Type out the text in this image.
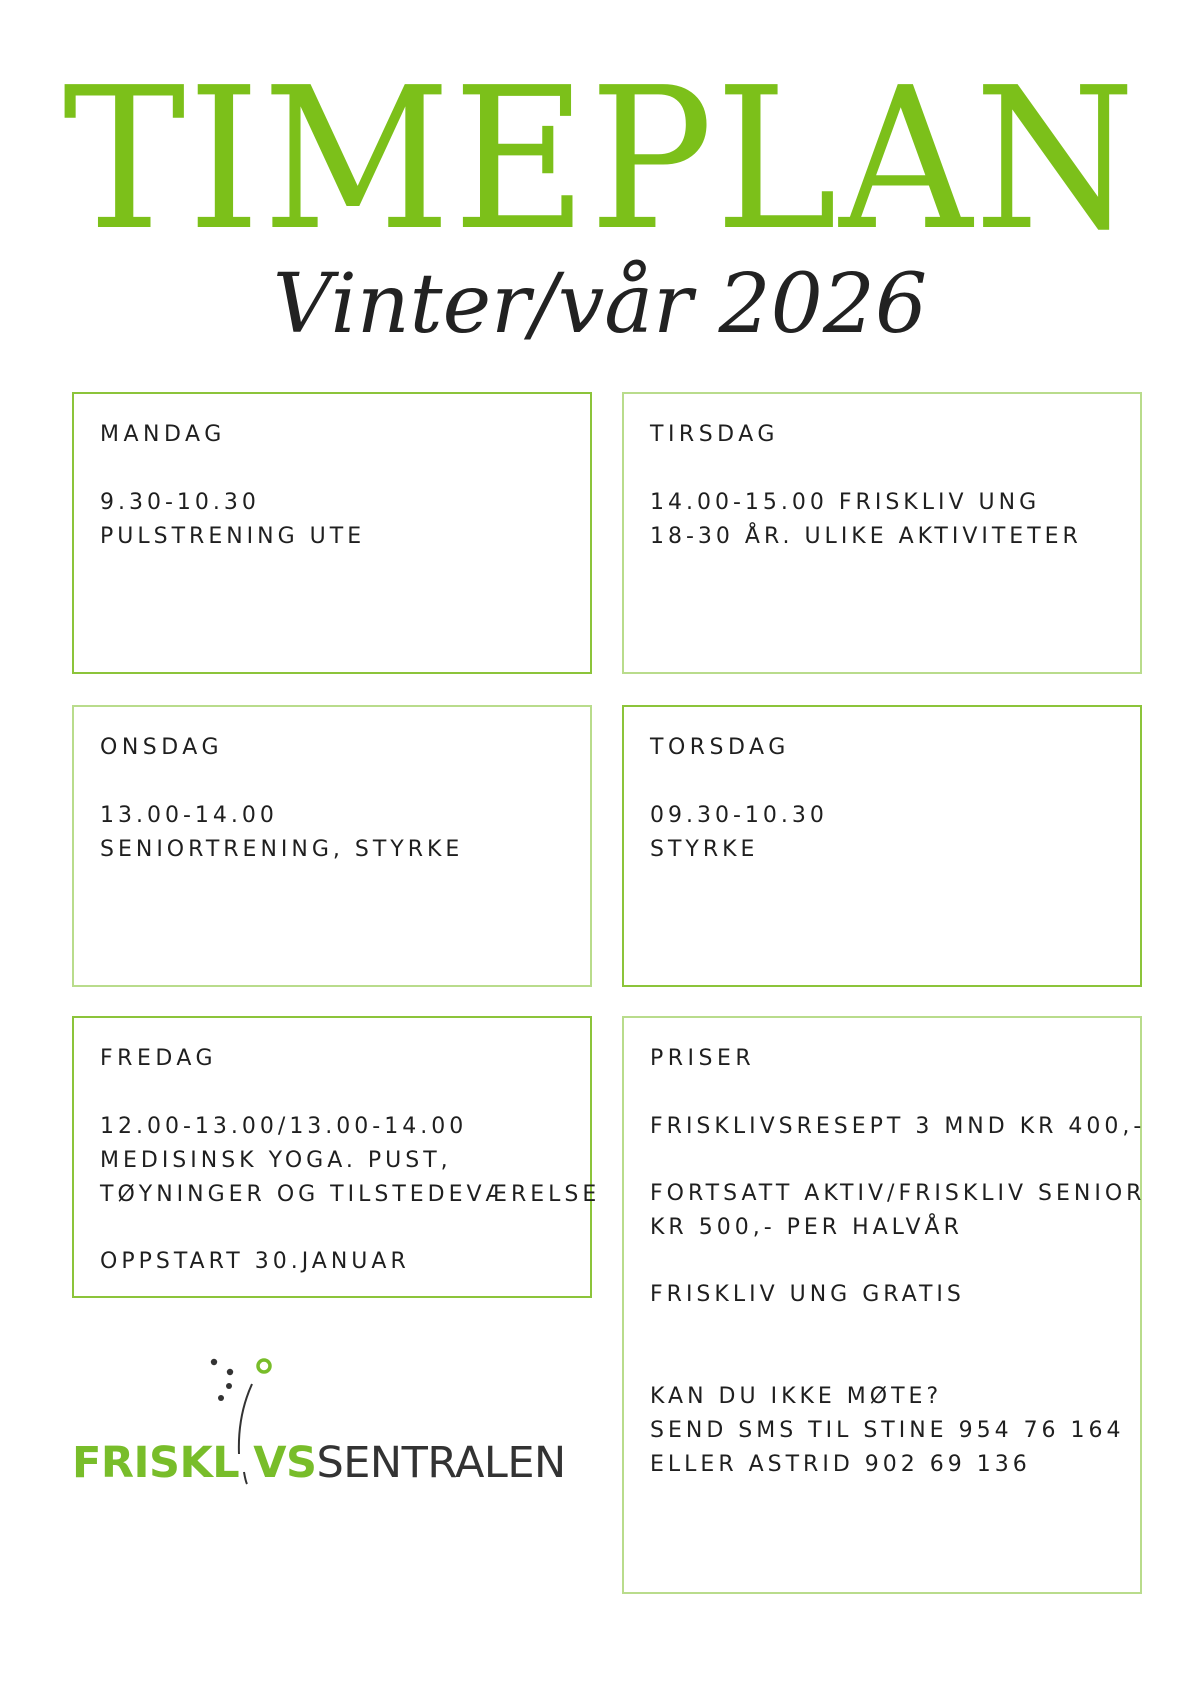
TIMEPLAN
Vinter/vår 2026

MANDAG

9.30-10.30

PULSTRENING UTE

TIRSDAG

14.00-15.00 FRISKLIV UNG

18-30 ÅR. ULIKE AKTIVITETER

ONSDAG

13.00-14.00

SENIORTRENING, STYRKE

TORSDAG

09.30-10.30

STYRKE

FREDAG

12.00-13.00/13.00-14.00

MEDISINSK YOGA. PUST,

TØYNINGER OG TILSTEDEVÆRELSE

OPPSTART 30.JANUAR

PRISER

FRISKLIVSRESEPT 3 MND KR 400,-

FORTSATT AKTIV/FRISKLIV SENIOR

KR 500,- PER HALVÅR

FRISKLIV UNG GRATIS

KAN DU IKKE MØTE?

SEND SMS TIL STINE 954 76 164

ELLER ASTRID 902 69 136

FRISKL VSSENTRALEN
